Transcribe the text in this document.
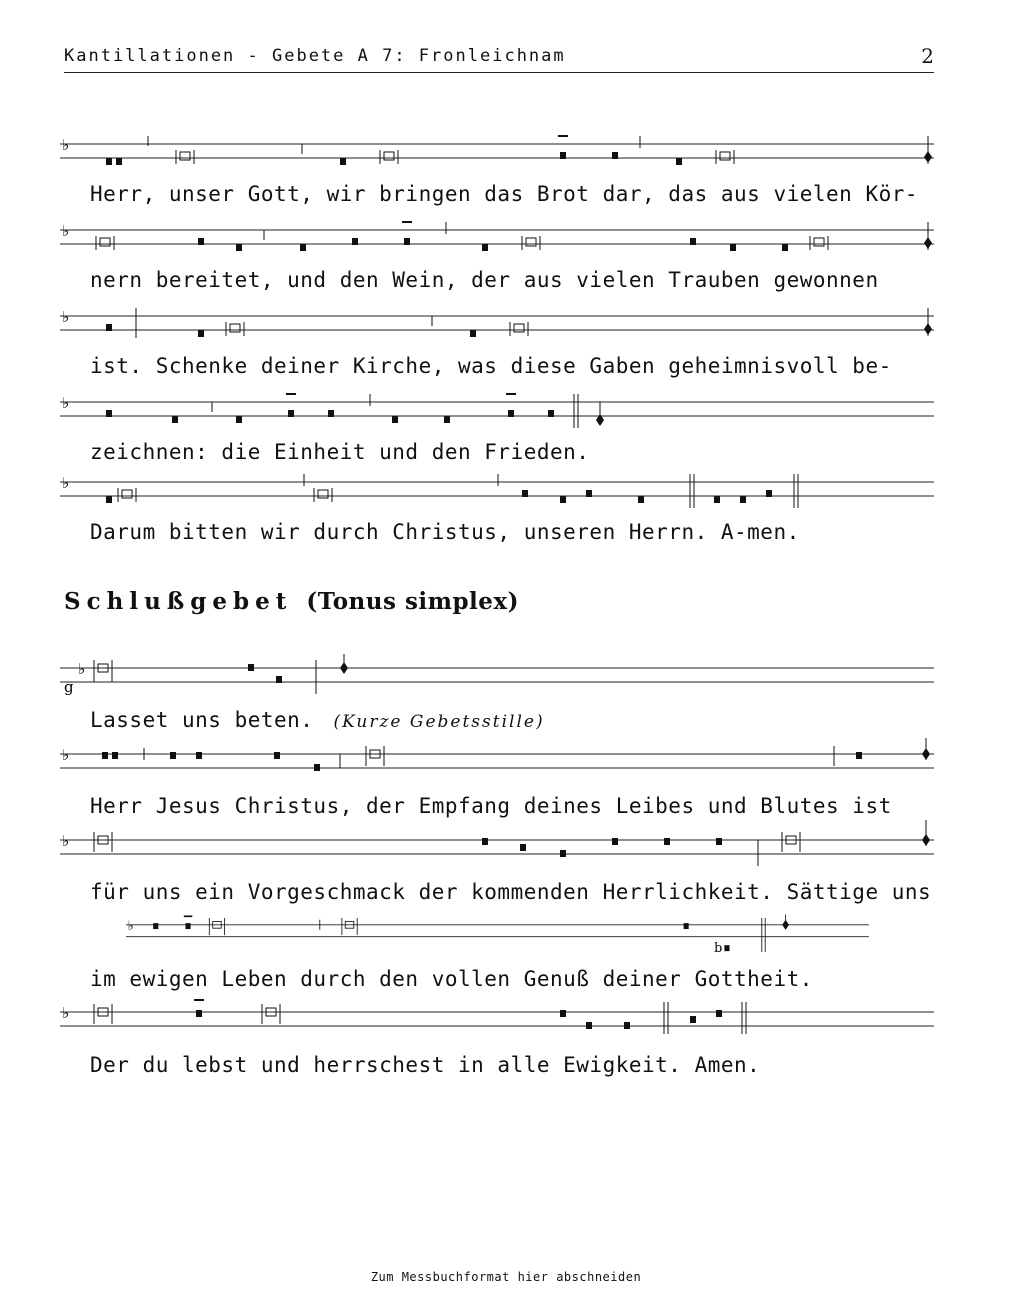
Kantillationen - Gebete A 7: Fronleichnam	2
♭
Herr, unser Gott, wir bringen das Brot dar, das aus vielen Kör-
♭
nern bereitet, und den Wein, der aus vielen Trauben gewonnen
♭
ist. Schenke deiner Kirche, was diese Gaben geheimnisvoll be-
♭
zeichnen: die Einheit und den Frieden.
♭
Darum bitten wir durch Christus, unseren Herrn. A-men.
Schlußgebet (Tonus simplex)
♭
g
Lasset uns beten. (Kurze Gebetsstille)
♭
Herr Jesus Christus, der Empfang deines Leibes und Blutes ist
♭
für uns ein Vorgeschmack der kommenden Herrlichkeit. Sättige uns
♭
b
im ewigen Leben durch den vollen Genuß deiner Gottheit.
♭
Der du lebst und herrschest in alle Ewigkeit. Amen.
Zum Messbuchformat hier abschneiden
